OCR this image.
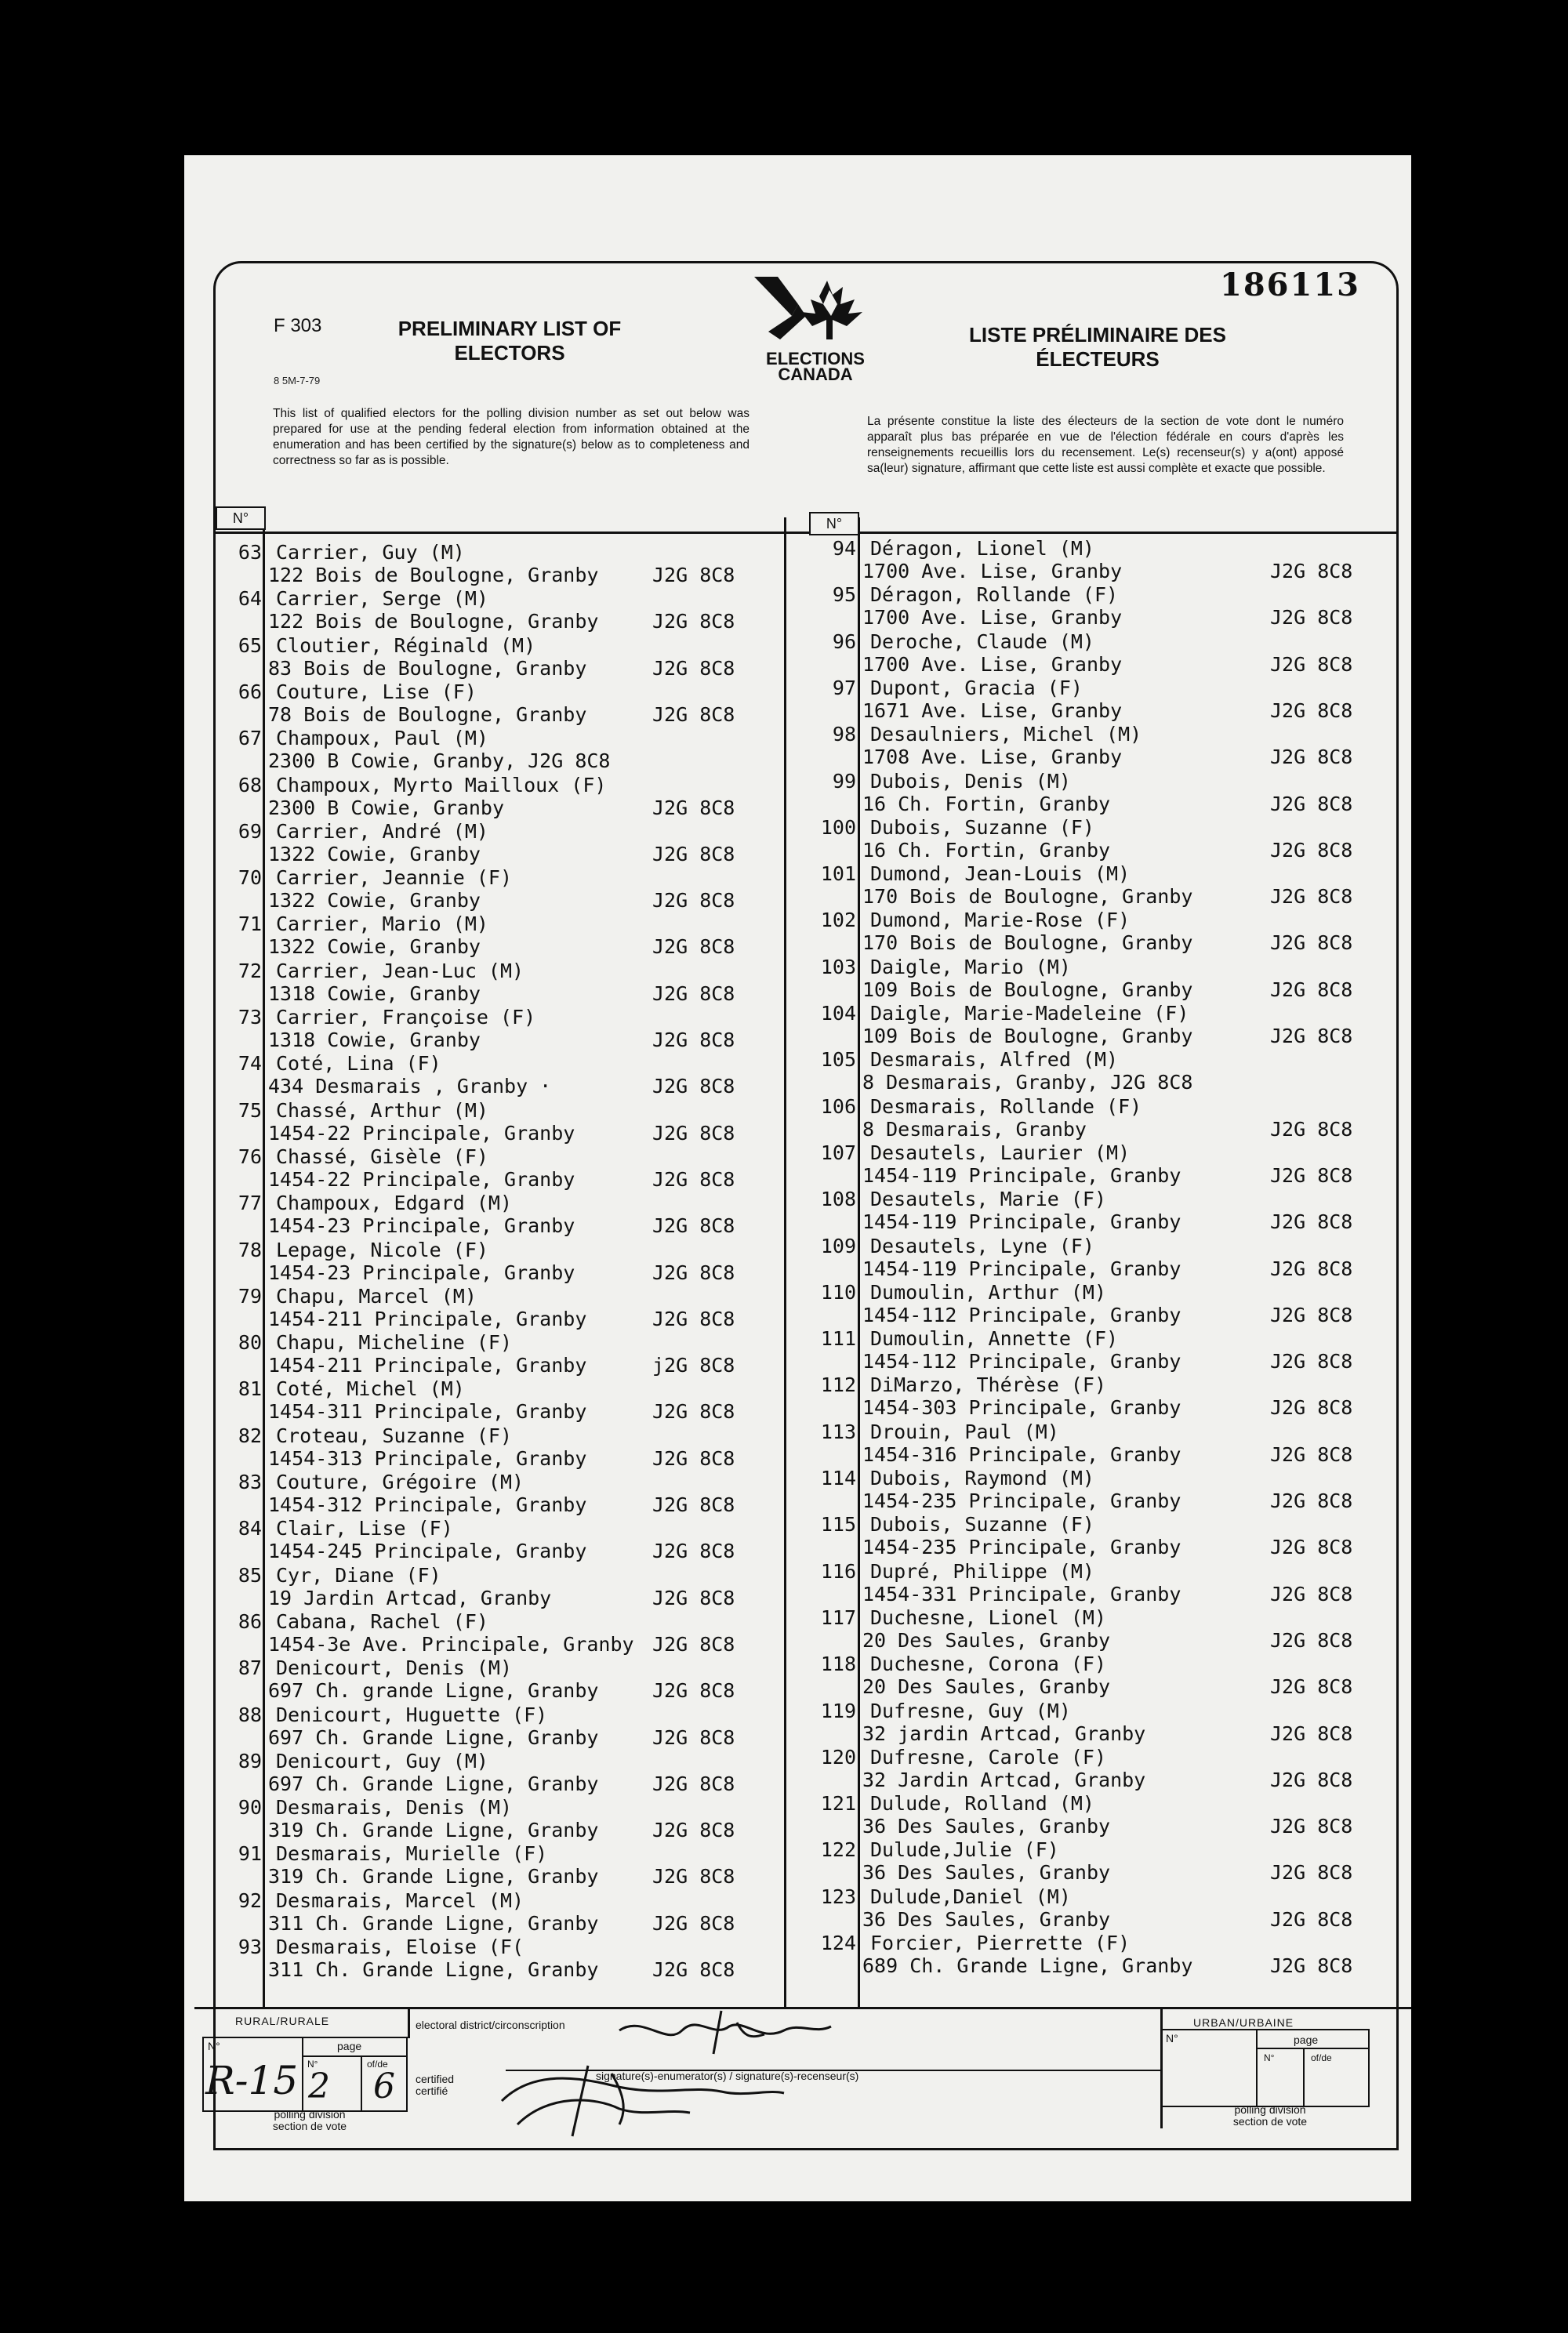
186113
F 303
8 5M-7-79
PRELIMINARY LIST OF
ELECTORS
LISTE PRÉLIMINAIRE DES
ÉLECTEURS
ELECTIONS
CANADA
This list of qualified electors for the polling division number as set out below was prepared for use at the pending federal election from information obtained at the enumeration and has been certified by the signature(s) below as to completeness and correctness so far as is possible.
La présente constitue la liste des électeurs de la section de vote dont le numéro apparaît plus bas préparée en vue de l'élection fédérale en cours d'après les renseignements recueillis lors du recensement. Le(s) recenseur(s) y a(ont) apposé sa(leur) signature, affirmant que cette liste est aussi complète et exacte que possible.
N°	N°
63 Carrier, Guy (M)
122 Bois de Boulogne, Granby	J2G 8C8
64 Carrier, Serge (M)
122 Bois de Boulogne, Granby	J2G 8C8
65 Cloutier, Réginald (M)
83 Bois de Boulogne, Granby	J2G 8C8
66 Couture, Lise (F)
78 Bois de Boulogne, Granby	J2G 8C8
67 Champoux, Paul (M)
2300 B Cowie, Granby, J2G 8C8
68 Champoux, Myrto Mailloux (F)
2300 B Cowie, Granby	J2G 8C8
69 Carrier, André (M)
1322 Cowie, Granby	J2G 8C8
70 Carrier, Jeannie (F)
1322 Cowie, Granby	J2G 8C8
71 Carrier, Mario (M)
1322 Cowie, Granby	J2G 8C8
72 Carrier, Jean-Luc (M)
1318 Cowie, Granby	J2G 8C8
73 Carrier, Françoise (F)
1318 Cowie, Granby	J2G 8C8
74 Coté, Lina (F)
434 Desmarais , Granby ·	J2G 8C8
75 Chassé, Arthur (M)
1454-22 Principale, Granby	J2G 8C8
76 Chassé, Gisèle (F)
1454-22 Principale, Granby	J2G 8C8
77 Champoux, Edgard (M)
1454-23 Principale, Granby	J2G 8C8
78 Lepage, Nicole (F)
1454-23 Principale, Granby	J2G 8C8
79 Chapu, Marcel (M)
1454-211 Principale, Granby	J2G 8C8
80 Chapu, Micheline (F)
1454-211 Principale, Granby	j2G 8C8
81 Coté, Michel (M)
1454-311 Principale, Granby	J2G 8C8
82 Croteau, Suzanne (F)
1454-313 Principale, Granby	J2G 8C8
83 Couture, Grégoire (M)
1454-312 Principale, Granby	J2G 8C8
84 Clair, Lise (F)
1454-245 Principale, Granby	J2G 8C8
85 Cyr, Diane (F)
19 Jardin Artcad, Granby	J2G 8C8
86 Cabana, Rachel (F)
1454-3e Ave. Principale, Granby J2G 8C8
87 Denicourt, Denis (M)
697 Ch. grande Ligne, Granby	J2G 8C8
88 Denicourt, Huguette (F)
697 Ch. Grande Ligne, Granby	J2G 8C8
89 Denicourt, Guy (M)
697 Ch. Grande Ligne, Granby	J2G 8C8
90 Desmarais, Denis (M)
319 Ch. Grande Ligne, Granby	J2G 8C8
91 Desmarais, Murielle (F)
319 Ch. Grande Ligne, Granby	J2G 8C8
92 Desmarais, Marcel (M)
311 Ch. Grande Ligne, Granby	J2G 8C8
93 Desmarais, Eloise (F(
311 Ch. Grande Ligne, Granby	J2G 8C8
94 Déragon, Lionel (M)
1700 Ave. Lise, Granby	J2G 8C8
95 Déragon, Rollande (F)
1700 Ave. Lise, Granby	J2G 8C8
96 Deroche, Claude (M)
1700 Ave. Lise, Granby	J2G 8C8
97 Dupont, Gracia (F)
1671 Ave. Lise, Granby	J2G 8C8
98 Desaulniers, Michel (M)
1708 Ave. Lise, Granby	J2G 8C8
99 Dubois, Denis (M)
16 Ch. Fortin, Granby	J2G 8C8
100 Dubois, Suzanne (F)
16 Ch. Fortin, Granby	J2G 8C8
101 Dumond, Jean-Louis (M)
170 Bois de Boulogne, Granby	J2G 8C8
102 Dumond, Marie-Rose (F)
170 Bois de Boulogne, Granby	J2G 8C8
103 Daigle, Mario (M)
109 Bois de Boulogne, Granby	J2G 8C8
104 Daigle, Marie-Madeleine (F)
109 Bois de Boulogne, Granby	J2G 8C8
105 Desmarais, Alfred (M)
8 Desmarais, Granby, J2G 8C8
106 Desmarais, Rollande (F)
8 Desmarais, Granby	J2G 8C8
107 Desautels, Laurier (M)
1454-119 Principale, Granby	J2G 8C8
108 Desautels, Marie (F)
1454-119 Principale, Granby	J2G 8C8
109 Desautels, Lyne (F)
1454-119 Principale, Granby	J2G 8C8
110 Dumoulin, Arthur (M)
1454-112 Principale, Granby	J2G 8C8
111 Dumoulin, Annette (F)
1454-112 Principale, Granby	J2G 8C8
112 DiMarzo, Thérèse (F)
1454-303 Principale, Granby	J2G 8C8
113 Drouin, Paul (M)
1454-316 Principale, Granby	J2G 8C8
114 Dubois, Raymond (M)
1454-235 Principale, Granby	J2G 8C8
115 Dubois, Suzanne (F)
1454-235 Principale, Granby	J2G 8C8
116 Dupré, Philippe (M)
1454-331 Principale, Granby	J2G 8C8
117 Duchesne, Lionel (M)
20 Des Saules, Granby	J2G 8C8
118 Duchesne, Corona (F)
20 Des Saules, Granby	J2G 8C8
119 Dufresne, Guy (M)
32 jardin Artcad, Granby	J2G 8C8
120 Dufresne, Carole (F)
32 Jardin Artcad, Granby	J2G 8C8
121 Dulude, Rolland (M)
36 Des Saules, Granby	J2G 8C8
122 Dulude,Julie (F)
36 Des Saules, Granby	J2G 8C8
123 Dulude,Daniel (M)
36 Des Saules, Granby	J2G 8C8
124 Forcier, Pierrette (F)
689 Ch. Grande Ligne, Granby	J2G 8C8
RURAL/RURALE	electoral district/circonscription	URBAN/URBAINE
N°	page
N°	of/de
R-15 2 6
polling division
section de vote
certified
certifié
signature(s)-enumerator(s) / signature(s)-recenseur(s)
N°	page
N°	of/de
polling division
section de vote
